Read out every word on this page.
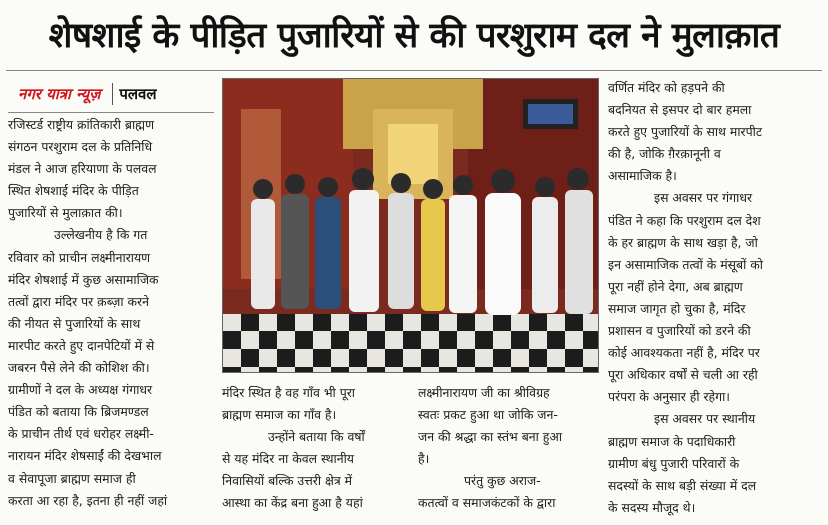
शेषशाई के पीड़ित पुजारियों से की परशुराम दल ने मुलाक़ात
नगर यात्रा न्यूज़	पलवल

रजिस्टर्ड राष्ट्रीय क्रांतिकारी ब्राह्मण

संगठन परशुराम दल के प्रतिनिधि

मंडल ने आज हरियाणा के पलवल

स्थित शेषशाई मंदिर के पीड़ित

पुजारियों से मुलाक़ात की।

उल्लेखनीय है कि गत

रविवार को प्राचीन लक्ष्मीनारायण

मंदिर शेषशाई में कुछ असामाजिक

तत्वों द्वारा मंदिर पर क़ब्ज़ा करने

की नीयत से पुजारियों के साथ

मारपीट करते हुए दानपेटियों में से

जबरन पैसे लेने की कोशिश की।

ग्रामीणों ने दल के अध्यक्ष गंगाधर

पंडित को बताया कि ब्रिजमण्डल

के प्राचीन तीर्थ एवं धरोहर लक्ष्मी-

नारायन मंदिर शेषसाईं की देखभाल

व सेवापूजा ब्राह्मण समाज ही

करता आ रहा है, इतना ही नहीं जहां

मंदिर स्थित है वह गाँव भी पूरा

ब्राह्मण समाज का गाँव है।

उन्होंने बताया कि वर्षों

से यह मंदिर ना केवल स्थानीय

निवासियों बल्कि उत्तरी क्षेत्र में

आस्था का केंद्र बना हुआ है यहां

लक्ष्मीनारायण जी का श्रीविग्रह

स्वतः प्रकट हुआ था जोकि जन-

जन की श्रद्धा का स्तंभ बना हुआ

है।

परंतु कुछ अराज-

कतत्वों व समाजकंटकों के द्वारा

वर्णित मंदिर को हड़पने की

बदनियत से इसपर दो बार हमला

करते हुए पुजारियों के साथ मारपीट

की है, जोकि ग़ैरक़ानूनी व

असामाजिक है।

इस अवसर पर गंगाधर

पंडित ने कहा कि परशुराम दल देश

के हर ब्राह्मण के साथ खड़ा है, जो

इन असामाजिक तत्वों के मंसूबों को

पूरा नहीं होने देगा, अब ब्राह्मण

समाज जागृत हो चुका है, मंदिर

प्रशासन व पुजारियों को डरने की

कोई आवश्यकता नहीं है, मंदिर पर

पूरा अधिकार वर्षों से चली आ रही

परंपरा के अनुसार ही रहेगा।

इस अवसर पर स्थानीय

ब्राह्मण समाज के पदाधिकारी

ग्रामीण बंधु पुजारी परिवारों के

सदस्यों के साथ बड़ी संख्या में दल

के सदस्य मौजूद थे।
